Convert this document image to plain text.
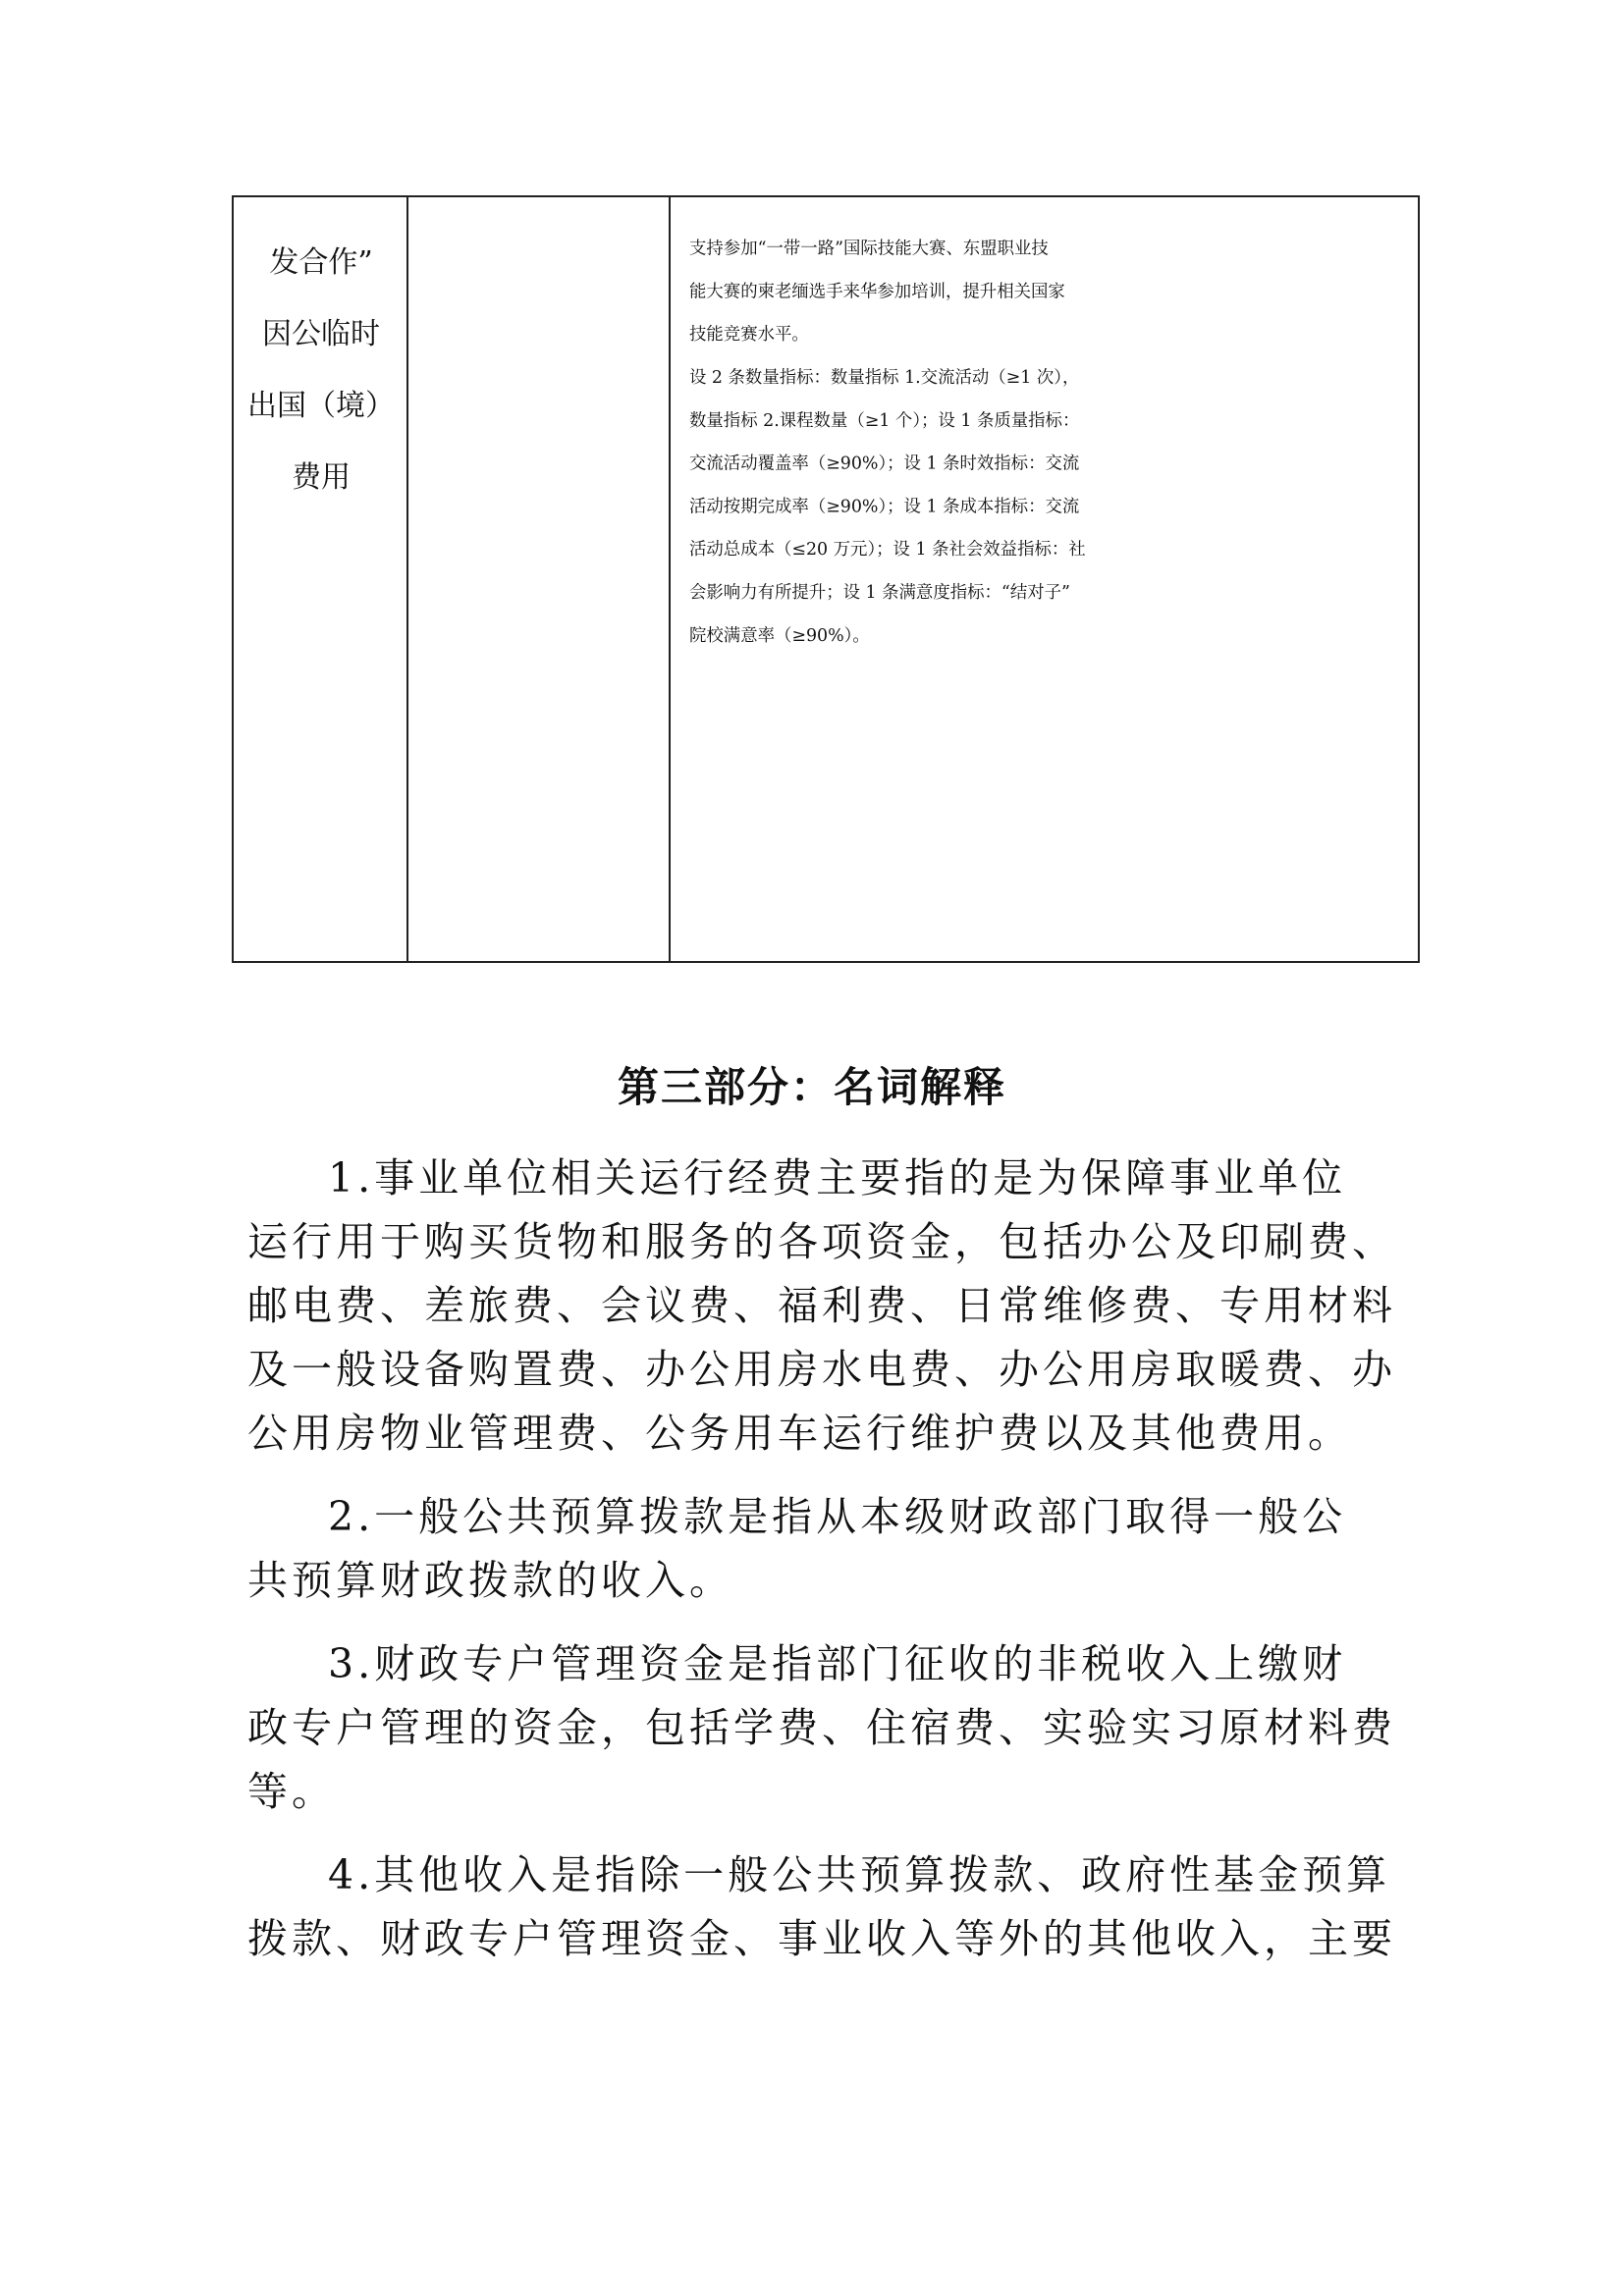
发合作”
因公临时
出国（境）
费用
支持参加“一带一路”国际技能大赛、东盟职业技
能大赛的柬老缅选手来华参加培训，提升相关国家
技能竞赛水平。
设 2 条数量指标：数量指标 1.交流活动（≥1 次），
数量指标 2.课程数量（≥1 个）；设 1 条质量指标：
交流活动覆盖率（≥90%）；设 1 条时效指标：交流
活动按期完成率（≥90%）；设 1 条成本指标：交流
活动总成本（≤20 万元）；设 1 条社会效益指标：社
会影响力有所提升；设 1 条满意度指标：“结对子”
院校满意率（≥90%）。
第三部分：名词解释
1.事业单位相关运行经费主要指的是为保障事业单位
运行用于购买货物和服务的各项资金，包括办公及印刷费、
邮电费、差旅费、会议费、福利费、日常维修费、专用材料
及一般设备购置费、办公用房水电费、办公用房取暖费、办
公用房物业管理费、公务用车运行维护费以及其他费用。
2.一般公共预算拨款是指从本级财政部门取得一般公
共预算财政拨款的收入。
3.财政专户管理资金是指部门征收的非税收入上缴财
政专户管理的资金，包括学费、住宿费、实验实习原材料费
等。
4.其他收入是指除一般公共预算拨款、政府性基金预算
拨款、财政专户管理资金、事业收入等外的其他收入，主要
